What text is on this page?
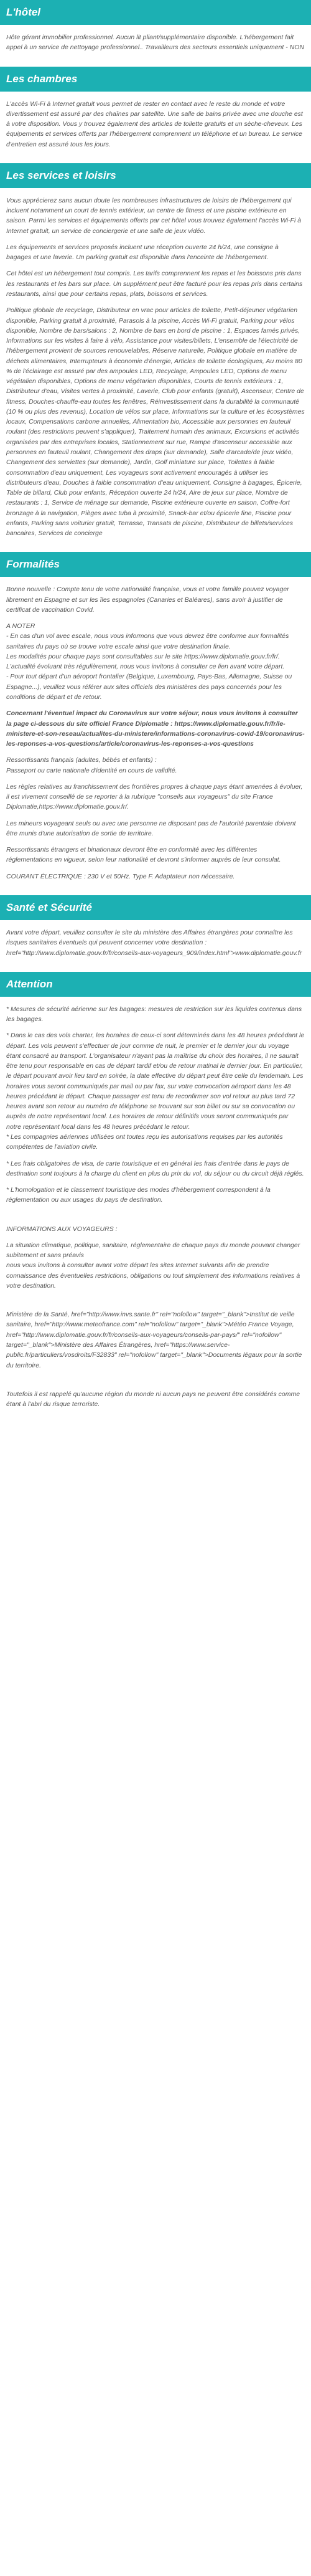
L'hôtel

Hôte gérant immobilier professionnel. Aucun lit pliant/supplémentaire disponible. L'hébergement fait appel à un service de nettoyage professionnel.. Travailleurs des secteurs essentiels uniquement - NON

Les chambres

L'accès Wi-Fi à Internet gratuit vous permet de rester en contact avec le reste du monde et votre divertissement est assuré par des chaînes par satellite. Une salle de bains privée avec une douche est à votre disposition. Vous y trouvez également des articles de toilette gratuits et un sèche-cheveux. Les équipements et services offerts par l'hébergement comprennent un téléphone et un bureau. Le service d'entretien est assuré tous les jours.

Les services et loisirs

Vous apprécierez sans aucun doute les nombreuses infrastructures de loisirs de l'hébergement qui incluent notamment un court de tennis extérieur, un centre de fitness et une piscine extérieure en saison. Parmi les services et équipements offerts par cet hôtel vous trouvez également l'accès Wi-Fi à Internet gratuit, un service de conciergerie et une salle de jeux vidéo.

Les équipements et services proposés incluent une réception ouverte 24 h/24, une consigne à bagages et une laverie. Un parking gratuit est disponible dans l'enceinte de l'hébergement.

Cet hôtel est un hébergement tout compris. Les tarifs comprennent les repas et les boissons pris dans les restaurants et les bars sur place. Un supplément peut être facturé pour les repas pris dans certains restaurants, ainsi que pour certains repas, plats, boissons et services.

Politique globale de recyclage, Distributeur en vrac pour articles de toilette, Petit-déjeuner végétarien disponible, Parking gratuit à proximité, Parasols à la piscine, Accès Wi-Fi gratuit, Parking pour vélos disponible, Nombre de bars/salons : 2, Nombre de bars en bord de piscine : 1, Espaces famés privés, Informations sur les visites à faire à vélo, Assistance pour visites/billets, L'ensemble de l'électricité de l'hébergement provient de sources renouvelables, Réserve naturelle, Politique globale en matière de déchets alimentaires, Interrupteurs à économie d'énergie, Articles de toilette écologiques, Au moins 80 % de l'éclairage est assuré par des ampoules LED, Recyclage, Ampoules LED, Options de menu végétalien disponibles, Options de menu végétarien disponibles, Courts de tennis extérieurs : 1, Distributeur d'eau, Visites vertes à proximité, Laverie, Club pour enfants (gratuit), Ascenseur, Centre de fitness, Douches-chauffe-eau toutes les fenêtres, Réinvestissement dans la durabilité la communauté (10 % ou plus des revenus), Location de vélos sur place, Informations sur la culture et les écosystèmes locaux, Compensations carbone annuelles, Alimentation bio, Accessible aux personnes en fauteuil roulant (des restrictions peuvent s'appliquer), Traitement humain des animaux, Excursions et activités organisées par des entreprises locales, Stationnement sur rue, Rampe d'ascenseur accessible aux personnes en fauteuil roulant, Changement des draps (sur demande), Salle d'arcade/de jeux vidéo, Changement des serviettes (sur demande), Jardin, Golf miniature sur place, Toilettes à faible consommation d'eau uniquement, Les voyageurs sont activement encouragés à utiliser les distributeurs d'eau, Douches à faible consommation d'eau uniquement, Consigne à bagages, Épicerie, Table de billard, Club pour enfants, Réception ouverte 24 h/24, Aire de jeux sur place, Nombre de restaurants : 1, Service de ménage sur demande, Piscine extérieure ouverte en saison, Coffre-fort bronzage à la navigation, Pièges avec tuba à proximité, Snack-bar et/ou épicerie fine, Piscine pour enfants, Parking sans voiturier gratuit, Terrasse, Transats de piscine, Distributeur de billets/services bancaires, Services de concierge

Formalités

Bonne nouvelle : Compte tenu de votre nationalité française, vous et votre famille pouvez voyager librement en Espagne et sur les îles espagnoles (Canaries et Baléares), sans avoir à justifier de certificat de vaccination Covid.

A NOTER
- En cas d'un vol avec escale, nous vous informons que vous devrez être conforme aux formalités sanitaires du pays où se trouve votre escale ainsi que votre destination finale.
Les modalités pour chaque pays sont consultables sur le site https://www.diplomatie.gouv.fr/fr/. L'actualité évoluant très régulièrement, nous vous invitons à consulter ce lien avant votre départ.
- Pour tout départ d'un aéroport frontalier (Belgique, Luxembourg, Pays-Bas, Allemagne, Suisse ou Espagne...), veuillez vous référer aux sites officiels des ministères des pays concernés pour les conditions de départ et de retour.

Concernant l'éventuel impact du Coronavirus sur votre séjour, nous vous invitons à consulter la page ci-dessous du site officiel France Diplomatie : https://www.diplomatie.gouv.fr/fr/le-ministere-et-son-reseau/actualites-du-ministere/informations-coronavirus-covid-19/coronavirus-les-reponses-a-vos-questions/article/coronavirus-les-reponses-a-vos-questions

Ressortissants français (adultes, bébés et enfants) :
Passeport ou carte nationale d'identité en cours de validité.

Les règles relatives au franchissement des frontières propres à chaque pays étant amenées à évoluer, il est vivement conseillé de se reporter à la rubrique "conseils aux voyageurs" du site France Diplomatie,https://www.diplomatie.gouv.fr/.

Les mineurs voyageant seuls ou avec une personne ne disposant pas de l'autorité parentale doivent être munis d'une autorisation de sortie de territoire.

Ressortissants étrangers et binationaux devront être en conformité avec les différentes réglementations en vigueur, selon leur nationalité et devront s'informer auprès de leur consulat.

COURANT ÉLECTRIQUE : 230 V et 50Hz. Type F. Adaptateur non nécessaire.

Santé et Sécurité

Avant votre départ, veuillez consulter le site du ministère des Affaires étrangères pour connaître les risques sanitaires éventuels qui peuvent concerner votre destination : href="http://www.diplomatie.gouv.fr/fr/conseils-aux-voyageurs_909/index.html">www.diplomatie.gouv.fr

Attention

* Mesures de sécurité aérienne sur les bagages: mesures de restriction sur les liquides contenus dans les bagages.

* Dans le cas des vols charter, les horaires de ceux-ci sont déterminés dans les 48 heures précédant le départ. Les vols peuvent s'effectuer de jour comme de nuit, le premier et le dernier jour du voyage étant consacré au transport. L'organisateur n'ayant pas la maîtrise du choix des horaires, il ne saurait être tenu pour responsable en cas de départ tardif et/ou de retour matinal le dernier jour. En particulier, le départ pouvant avoir lieu tard en soirée, la date effective du départ peut être celle du lendemain. Les horaires vous seront communiqués par mail ou par fax, sur votre convocation aéroport dans les 48 heures précédant le départ. Chaque passager est tenu de reconfirmer son vol retour au plus tard 72 heures avant son retour au numéro de téléphone se trouvant sur son billet ou sur sa convocation ou auprès de notre représentant local. Les horaires de retour définitifs vous seront communiqués par notre représentant local dans les 48 heures précédant le retour.
* Les compagnies aériennes utilisées ont toutes reçu les autorisations requises par les autorités compétentes de l'aviation civile.

* Les frais obligatoires de visa, de carte touristique et en général les frais d'entrée dans le pays de destination sont toujours à la charge du client en plus du prix du vol, du séjour ou du circuit déjà réglés.

* L'homologation et le classement touristique des modes d'hébergement correspondent à la réglementation ou aux usages du pays de destination.

INFORMATIONS AUX VOYAGEURS :

La situation climatique, politique, sanitaire, réglementaire de chaque pays du monde pouvant changer subitement et sans préavis
nous vous invitons à consulter avant votre départ les sites Internet suivants afin de prendre connaissance des éventuelles restrictions, obligations ou tout simplement des informations relatives à votre destination.

Ministère de la Santé, href="http://www.invs.sante.fr" rel="nofollow" target="_blank">Institut de veille sanitaire, href="http://www.meteofrance.com" rel="nofollow" target="_blank">Météo France Voyage, href="http://www.diplomatie.gouv.fr/fr/conseils-aux-voyageurs/conseils-par-pays/" rel="nofollow" target="_blank">Ministère des Affaires Étrangères, href="https://www.service-public.fr/particuliers/vosdroits/F32833" rel="nofollow" target="_blank">Documents légaux pour la sortie du territoire.

Toutefois il est rappelé qu'aucune région du monde ni aucun pays ne peuvent être considérés comme étant à l'abri du risque terroriste.
